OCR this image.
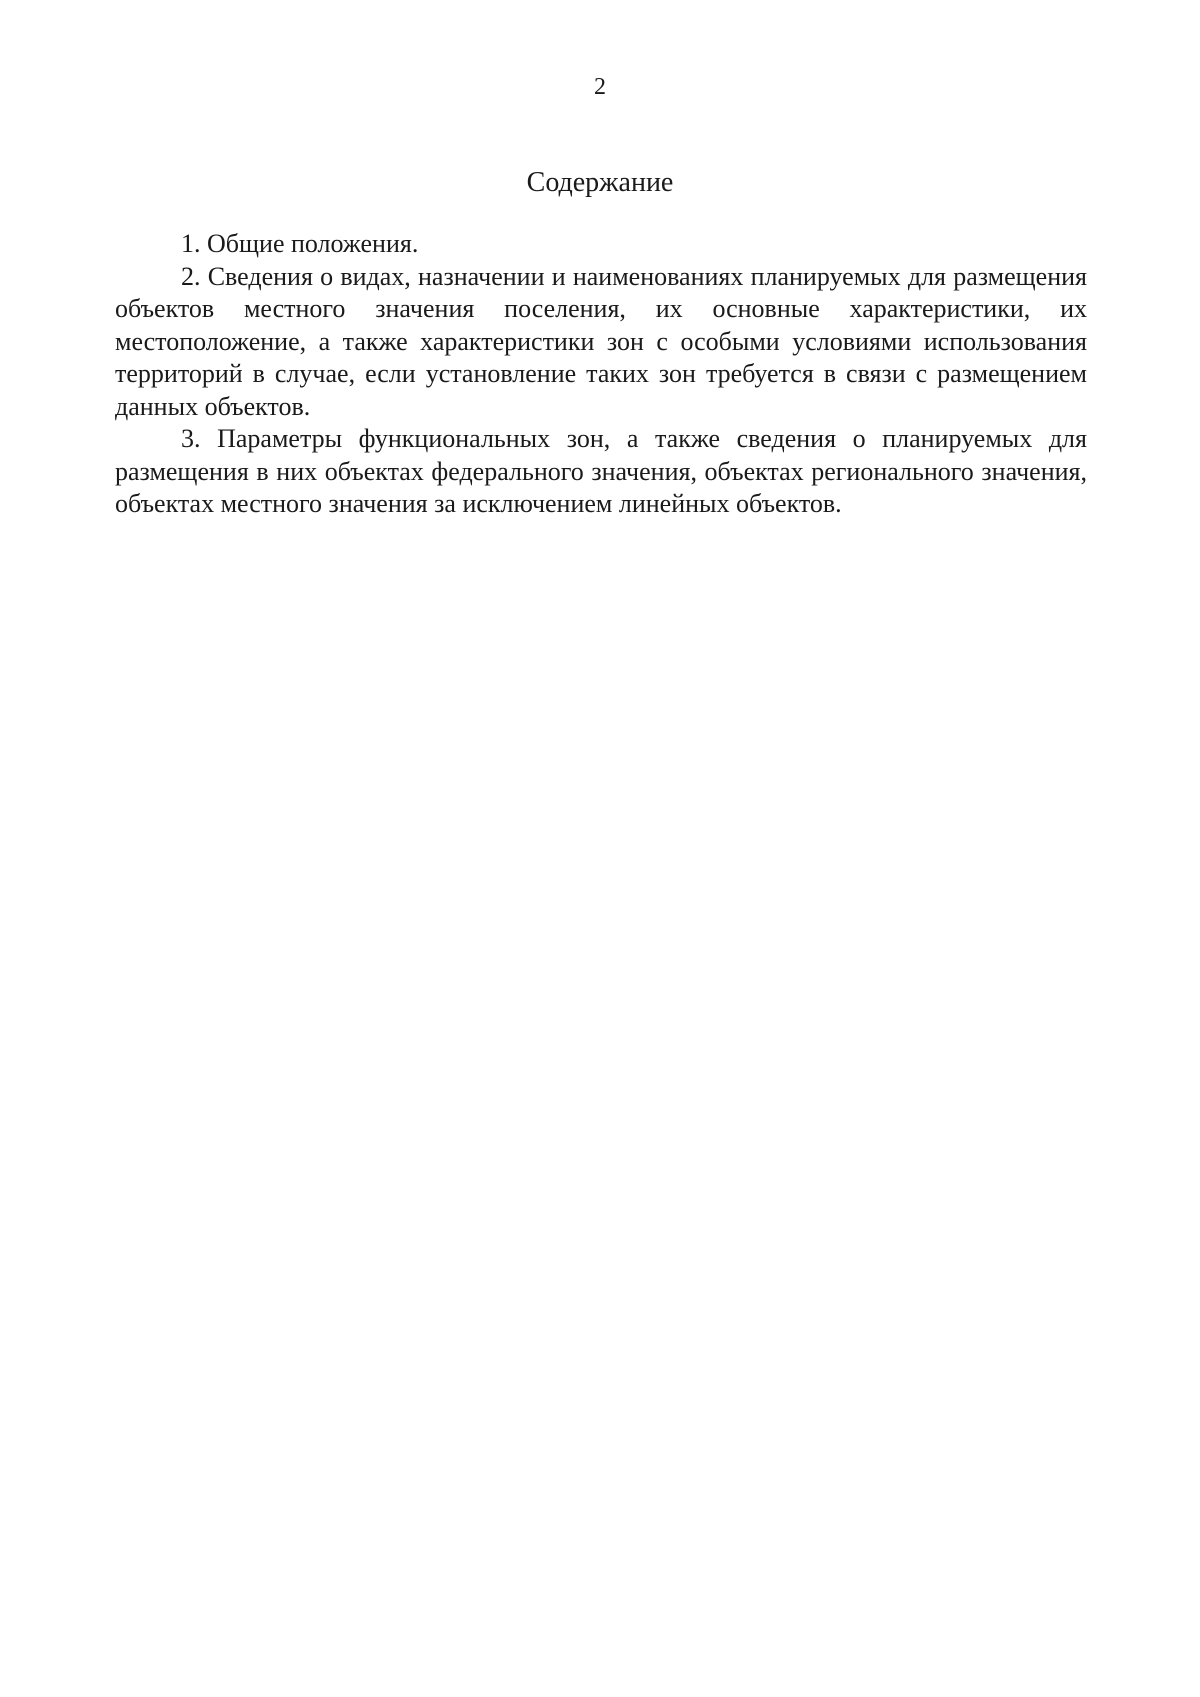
2
Содержание

1. Общие положения.

2. Сведения о видах, назначении и наименованиях планируемых для размещения объектов местного значения поселения, их основные характеристики, их местоположение, а также характеристики зон с особыми условиями использования территорий в случае, если установление таких зон требуется в связи с размещением данных объектов.

3. Параметры функциональных зон, а также сведения о планируемых для размещения в них объектах федерального значения, объектах регионального значения, объектах местного значения за исключением линейных объектов.
